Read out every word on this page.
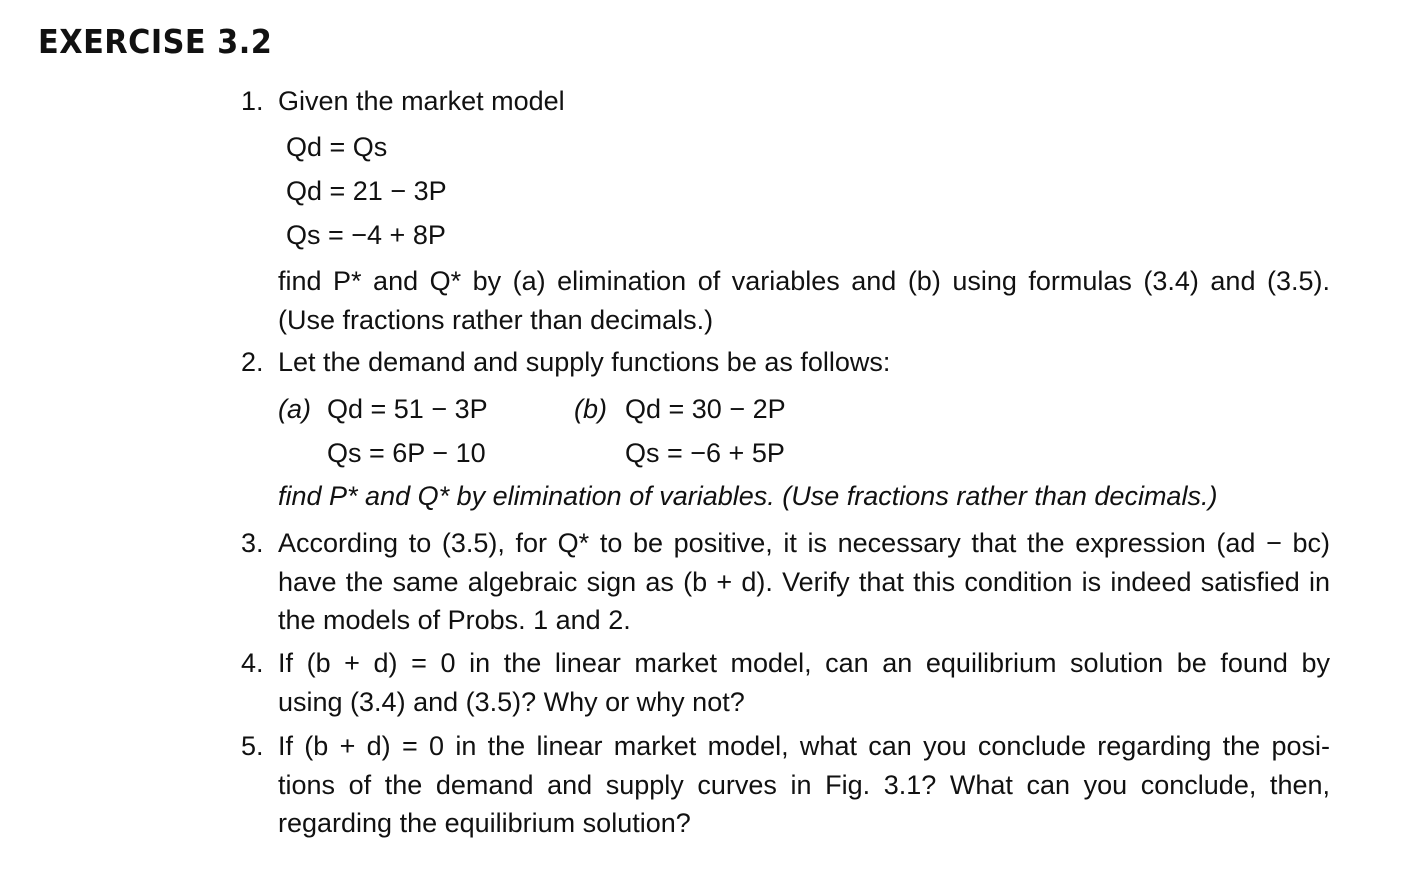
EXERCISE 3.2
1. Given the market model
Qd = Qs
Qd = 21 − 3P
Qs = −4 + 8P
find P* and Q* by (a) elimination of variables and (b) using formulas (3.4) and (3.5).
(Use fractions rather than decimals.)
2. Let the demand and supply functions be as follows:
(a) Qd = 51 − 3P
Qs = 6P − 10
(b) Qd = 30 − 2P
Qs = −6 + 5P
find P* and Q* by elimination of variables. (Use fractions rather than decimals.)
3. According to (3.5), for Q* to be positive, it is necessary that the expression (ad − bc)
have the same algebraic sign as (b + d). Verify that this condition is indeed satisfied in
the models of Probs. 1 and 2.
4. If (b + d) = 0 in the linear market model, can an equilibrium solution be found by
using (3.4) and (3.5)? Why or why not?
5. If (b + d) = 0 in the linear market model, what can you conclude regarding the posi-
tions of the demand and supply curves in Fig. 3.1? What can you conclude, then,
regarding the equilibrium solution?
